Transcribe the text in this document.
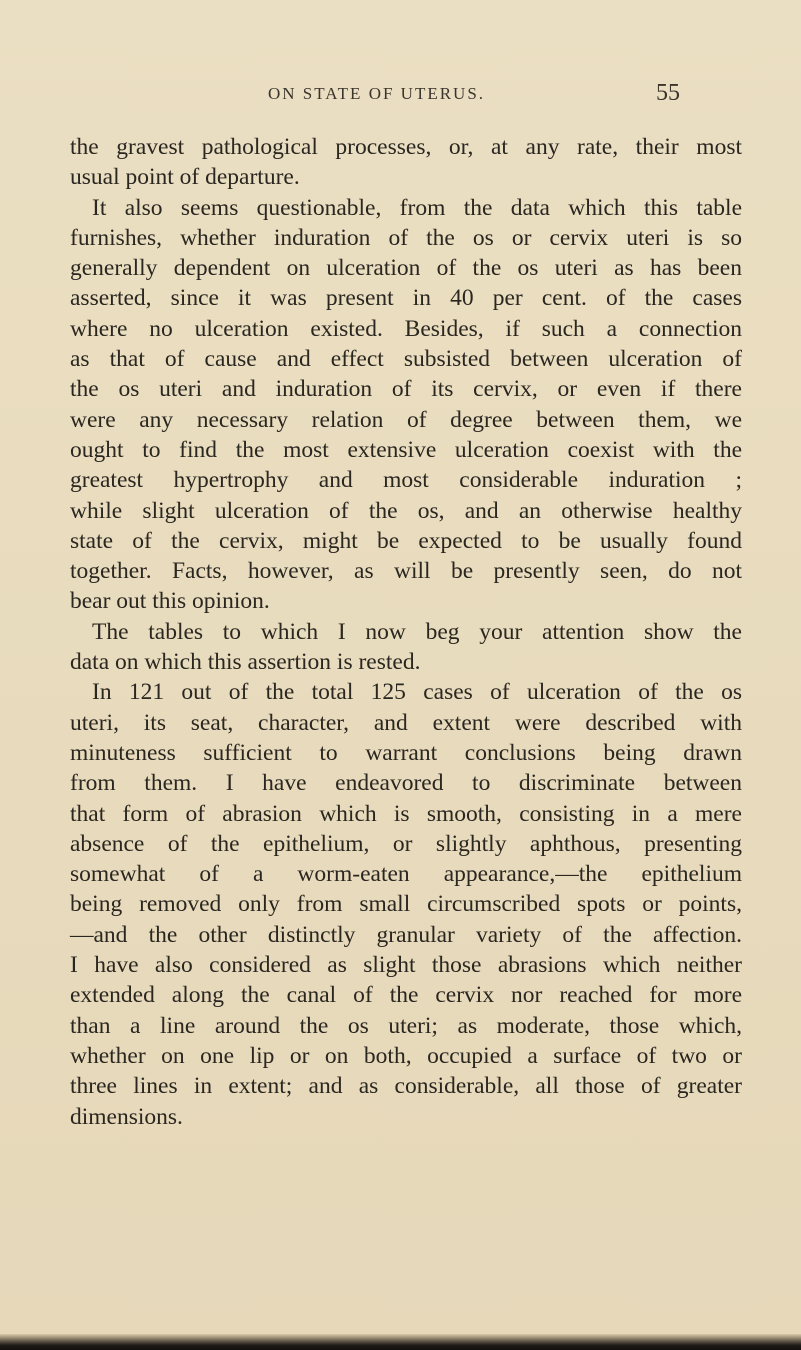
ON STATE OF UTERUS.	55
the gravest pathological processes, or, at any rate, their most
usual point of departure.
It also seems questionable, from the data which this table
furnishes, whether induration of the os or cervix uteri is so
generally dependent on ulceration of the os uteri as has been
asserted, since it was present in 40 per cent. of the cases
where no ulceration existed. Besides, if such a connection
as that of cause and effect subsisted between ulceration of
the os uteri and induration of its cervix, or even if there
were any necessary relation of degree between them, we
ought to find the most extensive ulceration coexist with the
greatest hypertrophy and most considerable induration ;
while slight ulceration of the os, and an otherwise healthy
state of the cervix, might be expected to be usually found
together. Facts, however, as will be presently seen, do not
bear out this opinion.
The tables to which I now beg your attention show the
data on which this assertion is rested.
In 121 out of the total 125 cases of ulceration of the os
uteri, its seat, character, and extent were described with
minuteness sufficient to warrant conclusions being drawn
from them. I have endeavored to discriminate between
that form of abrasion which is smooth, consisting in a mere
absence of the epithelium, or slightly aphthous, presenting
somewhat of a worm-eaten appearance,—the epithelium
being removed only from small circumscribed spots or points,
—and the other distinctly granular variety of the affection.
I have also considered as slight those abrasions which neither
extended along the canal of the cervix nor reached for more
than a line around the os uteri; as moderate, those which,
whether on one lip or on both, occupied a surface of two or
three lines in extent; and as considerable, all those of greater
dimensions.
